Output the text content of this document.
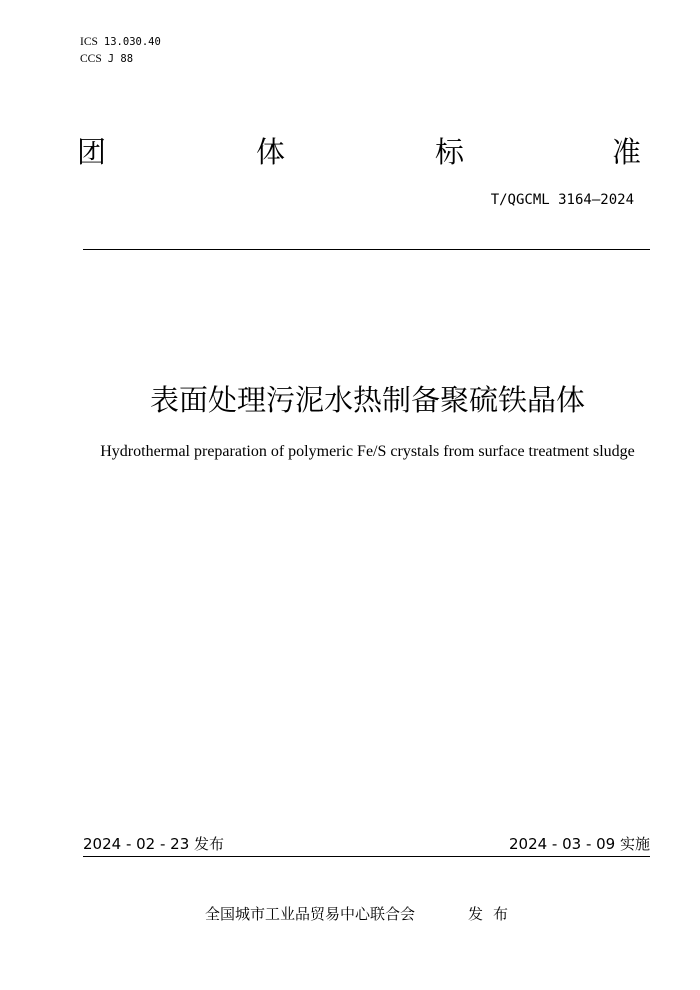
ICS 13.030.40
CCS J 88
团	体	标	准
T/QGCML 3164—2024
表面处理污泥水热制备聚硫铁晶体
Hydrothermal preparation of polymeric Fe/S crystals from surface treatment sludge
2024 - 02 - 23 发布	2024 - 03 - 09 实施
全国城市工业品贸易中心联合会	发布
